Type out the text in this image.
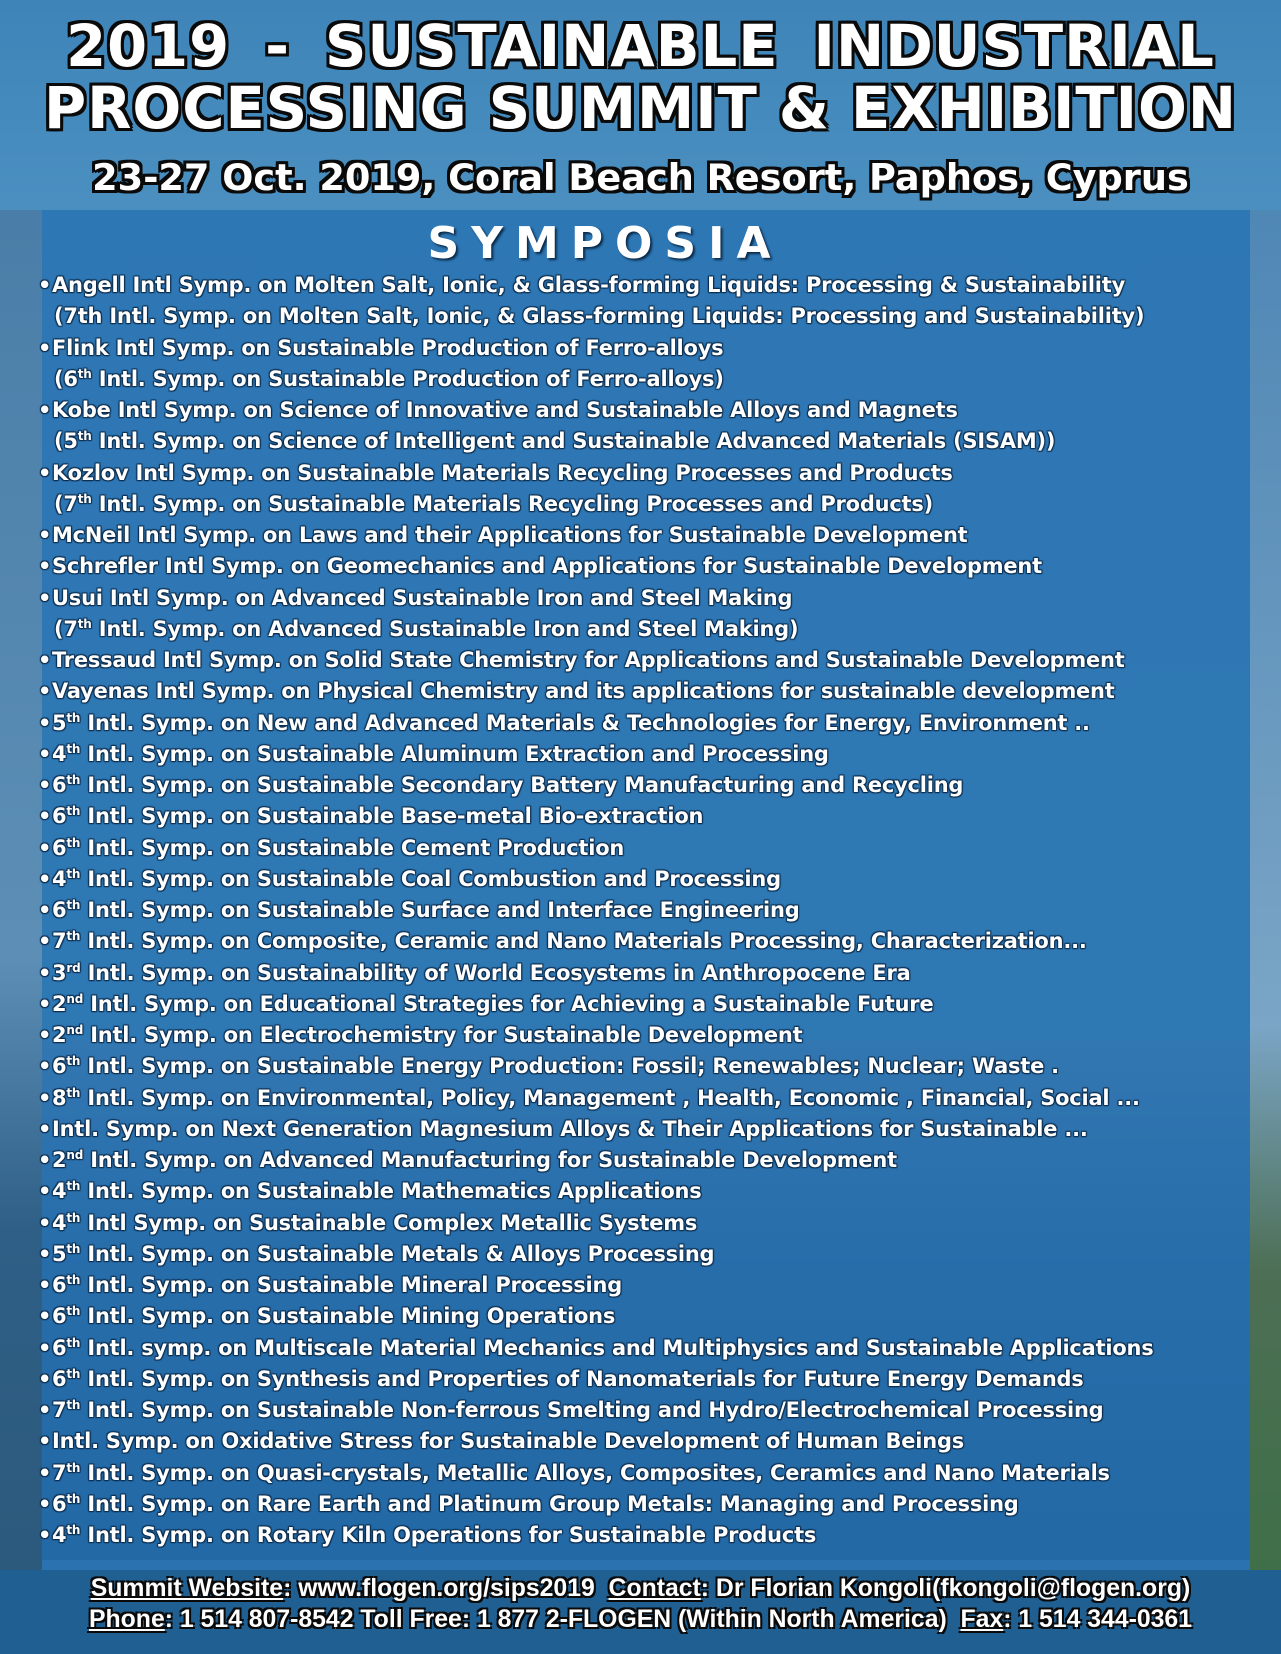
2019 - SUSTAINABLE INDUSTRIAL
PROCESSING SUMMIT & EXHIBITION
23-27 Oct. 2019, Coral Beach Resort, Paphos, Cyprus
SYMPOSIA
•Angell Intl Symp. on Molten Salt, Ionic, & Glass-forming Liquids: Processing & Sustainability
(7th Intl. Symp. on Molten Salt, Ionic, & Glass-forming Liquids: Processing and Sustainability)
•Flink Intl Symp. on Sustainable Production of Ferro-alloys
(6th Intl. Symp. on Sustainable Production of Ferro-alloys)
•Kobe Intl Symp. on Science of Innovative and Sustainable Alloys and Magnets
(5th Intl. Symp. on Science of Intelligent and Sustainable Advanced Materials (SISAM))
•Kozlov Intl Symp. on Sustainable Materials Recycling Processes and Products
(7th Intl. Symp. on Sustainable Materials Recycling Processes and Products)
•McNeil Intl Symp. on Laws and their Applications for Sustainable Development
•Schrefler Intl Symp. on Geomechanics and Applications for Sustainable Development
•Usui Intl Symp. on Advanced Sustainable Iron and Steel Making
(7th Intl. Symp. on Advanced Sustainable Iron and Steel Making)
•Tressaud Intl Symp. on Solid State Chemistry for Applications and Sustainable Development
•Vayenas Intl Symp. on Physical Chemistry and its applications for sustainable development
•5th Intl. Symp. on New and Advanced Materials & Technologies for Energy, Environment ..
•4th Intl. Symp. on Sustainable Aluminum Extraction and Processing
•6th Intl. Symp. on Sustainable Secondary Battery Manufacturing and Recycling
•6th Intl. Symp. on Sustainable Base-metal Bio-extraction
•6th Intl. Symp. on Sustainable Cement Production
•4th Intl. Symp. on Sustainable Coal Combustion and Processing
•6th Intl. Symp. on Sustainable Surface and Interface Engineering
•7th Intl. Symp. on Composite, Ceramic and Nano Materials Processing, Characterization...
•3rd Intl. Symp. on Sustainability of World Ecosystems in Anthropocene Era
•2nd Intl. Symp. on Educational Strategies for Achieving a Sustainable Future
•2nd Intl. Symp. on Electrochemistry for Sustainable Development
•6th Intl. Symp. on Sustainable Energy Production: Fossil; Renewables; Nuclear; Waste .
•8th Intl. Symp. on Environmental, Policy, Management , Health, Economic , Financial, Social ...
•Intl. Symp. on Next Generation Magnesium Alloys & Their Applications for Sustainable ...
•2nd Intl. Symp. on Advanced Manufacturing for Sustainable Development
•4th Intl. Symp. on Sustainable Mathematics Applications
•4th Intl Symp. on Sustainable Complex Metallic Systems
•5th Intl. Symp. on Sustainable Metals & Alloys Processing
•6th Intl. Symp. on Sustainable Mineral Processing
•6th Intl. Symp. on Sustainable Mining Operations
•6th Intl. symp. on Multiscale Material Mechanics and Multiphysics and Sustainable Applications
•6th Intl. Symp. on Synthesis and Properties of Nanomaterials for Future Energy Demands
•7th Intl. Symp. on Sustainable Non-ferrous Smelting and Hydro/Electrochemical Processing
•Intl. Symp. on Oxidative Stress for Sustainable Development of Human Beings
•7th Intl. Symp. on Quasi-crystals, Metallic Alloys, Composites, Ceramics and Nano Materials
•6th Intl. Symp. on Rare Earth and Platinum Group Metals: Managing and Processing
•4th Intl. Symp. on Rotary Kiln Operations for Sustainable Products
Summit Website: www.flogen.org/sips2019 Contact: Dr Florian Kongoli(fkongoli@flogen.org)
Phone: 1 514 807-8542 Toll Free: 1 877 2-FLOGEN (Within North America) Fax: 1 514 344-0361
